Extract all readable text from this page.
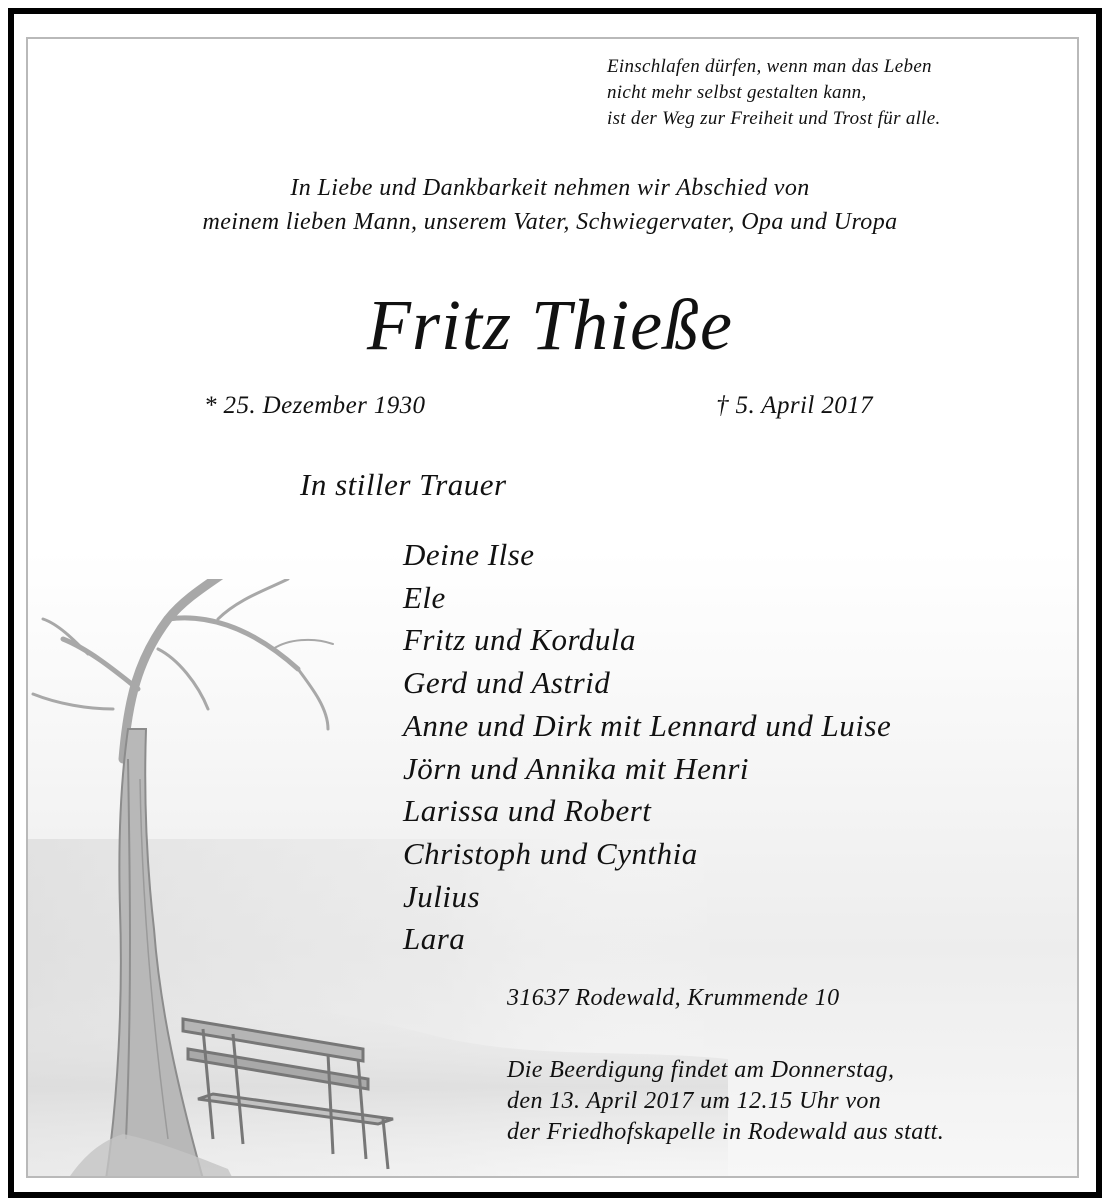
Einschlafen dürfen, wenn man das Leben
nicht mehr selbst gestalten kann,
ist der Weg zur Freiheit und Trost für alle.
In Liebe und Dankbarkeit nehmen wir Abschied von
meinem lieben Mann, unserem Vater, Schwiegervater, Opa und Uropa
Fritz Thieße
* 25. Dezember 1930	† 5. April 2017
In stiller Trauer
Deine Ilse
Ele
Fritz und Kordula
Gerd und Astrid
Anne und Dirk mit Lennard und Luise
Jörn und Annika mit Henri
Larissa und Robert
Christoph und Cynthia
Julius
Lara
31637 Rodewald, Krummende 10
Die Beerdigung findet am Donnerstag,
den 13. April 2017 um 12.15 Uhr von
der Friedhofskapelle in Rodewald aus statt.
